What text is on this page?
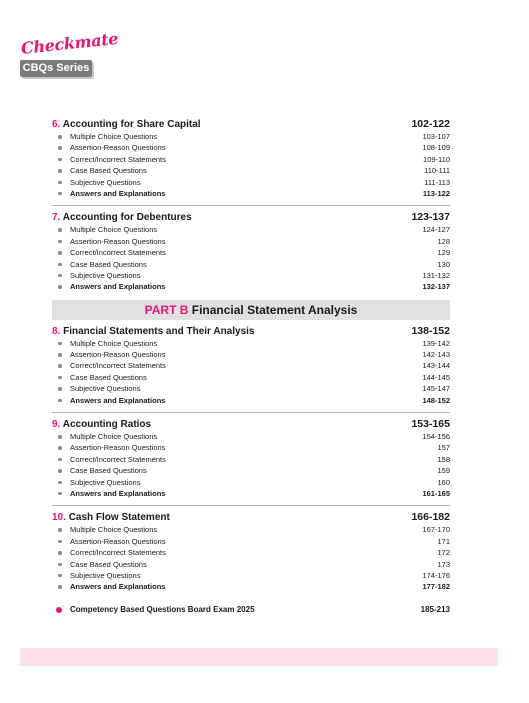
Checkmate
CBQs Series
6. Accounting for Share Capital	102-122
Multiple Choice Questions	103-107
Assertion-Reason Questions	108-109
Correct/Incorrect Statements	109-110
Case Based Questions	110-111
Subjective Questions	111-113
Answers and Explanations	113-122
7. Accounting for Debentures	123-137
Multiple Choice Questions	124-127
Assertion-Reason Questions	128
Correct/Incorrect Statements	129
Case Based Questions	130
Subjective Questions	131-132
Answers and Explanations	132-137
PART B Financial Statement Analysis
8. Financial Statements and Their Analysis	138-152
Multiple Choice Questions	139-142
Assertion-Reason Questions	142-143
Correct/Incorrect Statements	143-144
Case Based Questions	144-145
Subjective Questions	145-147
Answers and Explanations	148-152
9. Accounting Ratios	153-165
Multiple Choice Questions	154-156
Assertion-Reason Questions	157
Correct/Incorrect Statements	158
Case Based Questions	159
Subjective Questions	160
Answers and Explanations	161-165
10. Cash Flow Statement	166-182
Multiple Choice Questions	167-170
Assertion-Reason Questions	171
Correct/Incorrect Statements	172
Case Based Questions	173
Subjective Questions	174-176
Answers and Explanations	177-182
Competency Based Questions Board Exam 2025	185-213
